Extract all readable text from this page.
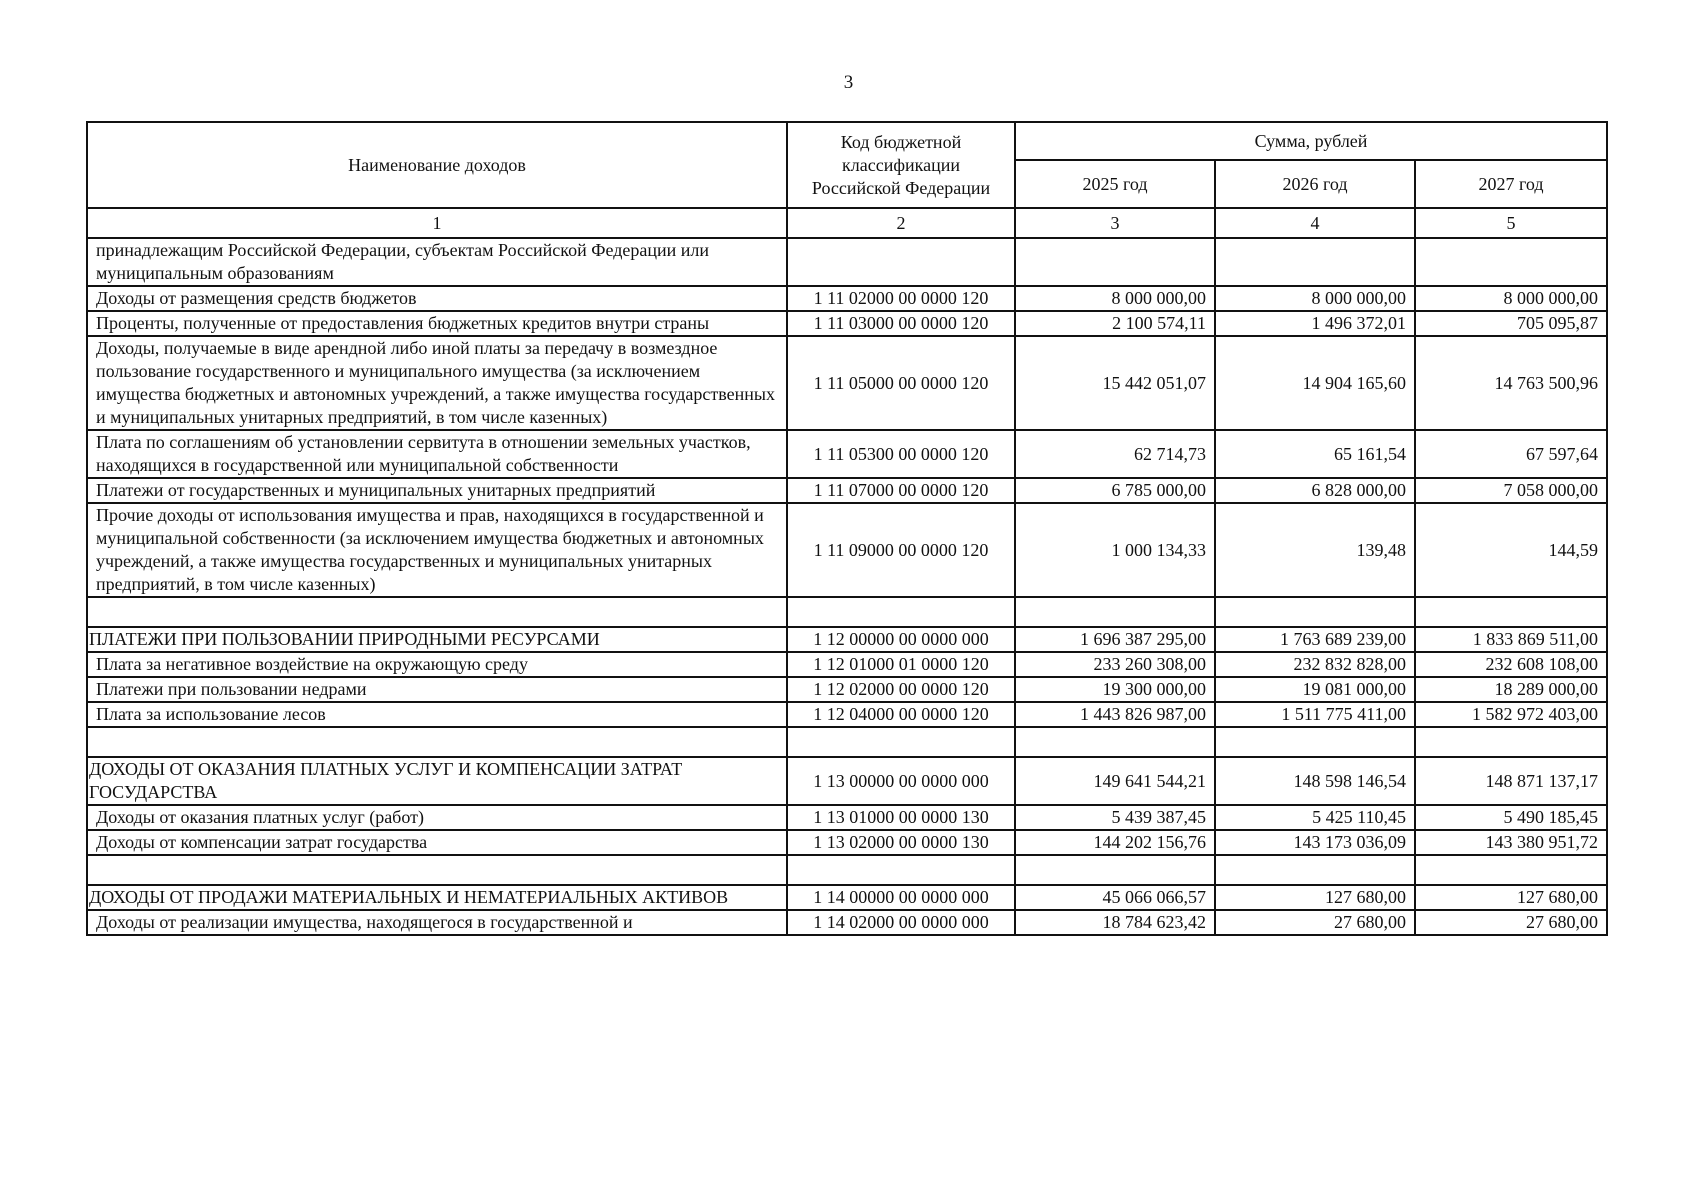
3
Наименование доходов	Код бюджетной классификации Российской Федерации	Сумма, рублей		
		2025 год	2026 год	2027 год
1	2	3	4	5
принадлежащим Российской Федерации, субъектам Российской Федерации или муниципальным образованиям				
Доходы от размещения средств бюджетов	1 11 02000 00 0000 120	8 000 000,00	8 000 000,00	8 000 000,00
Проценты, полученные от предоставления бюджетных кредитов внутри страны	1 11 03000 00 0000 120	2 100 574,11	1 496 372,01	705 095,87
Доходы, получаемые в виде арендной либо иной платы за передачу в возмездное пользование государственного и муниципального имущества (за исключением имущества бюджетных и автономных учреждений, а также имущества государственных и муниципальных унитарных предприятий, в том числе казенных)	1 11 05000 00 0000 120	15 442 051,07	14 904 165,60	14 763 500,96
Плата по соглашениям об установлении сервитута в отношении земельных участков, находящихся в государственной или муниципальной собственности	1 11 05300 00 0000 120	62 714,73	65 161,54	67 597,64
Платежи от государственных и муниципальных унитарных предприятий	1 11 07000 00 0000 120	6 785 000,00	6 828 000,00	7 058 000,00
Прочие доходы от использования имущества и прав, находящихся в государственной и муниципальной собственности (за исключением имущества бюджетных и автономных учреждений, а также имущества государственных и муниципальных унитарных предприятий, в том числе казенных)	1 11 09000 00 0000 120	1 000 134,33	139,48	144,59

ПЛАТЕЖИ ПРИ ПОЛЬЗОВАНИИ ПРИРОДНЫМИ РЕСУРСАМИ	1 12 00000 00 0000 000	1 696 387 295,00	1 763 689 239,00	1 833 869 511,00
Плата за негативное воздействие на окружающую среду	1 12 01000 01 0000 120	233 260 308,00	232 832 828,00	232 608 108,00
Платежи при пользовании недрами	1 12 02000 00 0000 120	19 300 000,00	19 081 000,00	18 289 000,00
Плата за использование лесов	1 12 04000 00 0000 120	1 443 826 987,00	1 511 775 411,00	1 582 972 403,00

ДОХОДЫ ОТ ОКАЗАНИЯ ПЛАТНЫХ УСЛУГ И КОМПЕНСАЦИИ ЗАТРАТ ГОСУДАРСТВА	1 13 00000 00 0000 000	149 641 544,21	148 598 146,54	148 871 137,17
Доходы от оказания платных услуг (работ)	1 13 01000 00 0000 130	5 439 387,45	5 425 110,45	5 490 185,45
Доходы от компенсации затрат государства	1 13 02000 00 0000 130	144 202 156,76	143 173 036,09	143 380 951,72

ДОХОДЫ ОТ ПРОДАЖИ МАТЕРИАЛЬНЫХ И НЕМАТЕРИАЛЬНЫХ АКТИВОВ	1 14 00000 00 0000 000	45 066 066,57	127 680,00	127 680,00
Доходы от реализации имущества, находящегося в государственной и	1 14 02000 00 0000 000	18 784 623,42	27 680,00	27 680,00
